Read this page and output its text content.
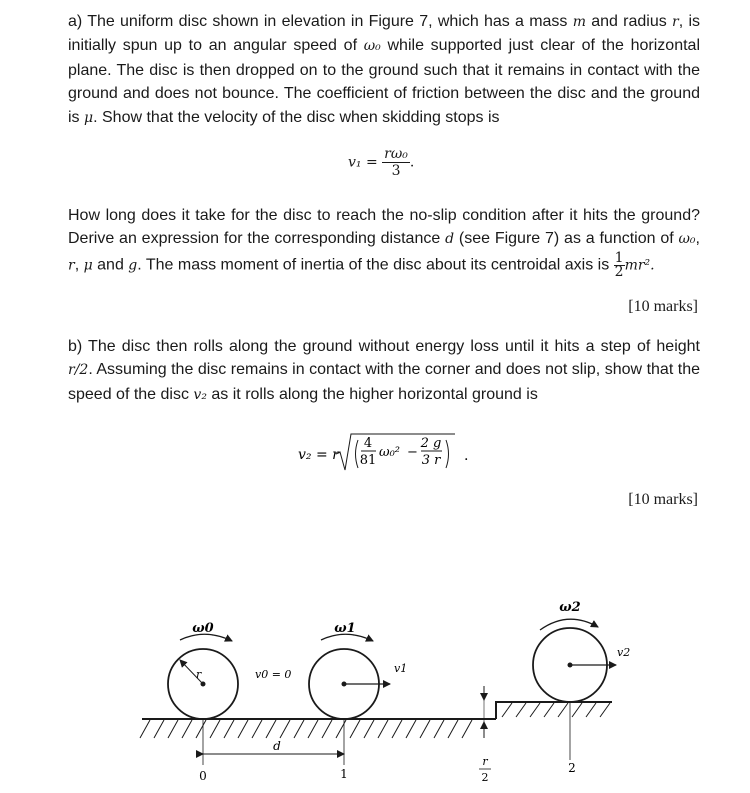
a) The uniform disc shown in elevation in Figure 7, which has a mass m and radius r, is initially spun up to an angular speed of ω₀ while supported just clear of the horizontal plane. The disc is then dropped on to the ground such that it remains in contact with the ground and does not bounce. The coefficient of friction between the disc and the ground is μ. Show that the velocity of the disc when skidding stops is

$v_1 = \frac{\text{rω₀}}{3}$ .

How long does it take for the disc to reach the no-slip condition after it hits the ground? Derive an expression for the corresponding distance d (see Figure 7) as a function of ω₀, r, μ and g. The mass moment of inertia of the disc about its centroidal axis is $\frac{1}{2} mr^2$.

[10 marks]

b) The disc then rolls along the ground without energy loss until it hits a step of height r/2. Assuming the disc remains in contact with the corner and does not slip, show that the speed of the disc v₂ as it rolls along the higher horizontal ground is

v₂ = r
4
81
ω₀² −
2 g
3 r .
[10 marks]
ω0
r	v0 = 0
ω1
v1
ω2
v2
d
r
2
0	1	2
